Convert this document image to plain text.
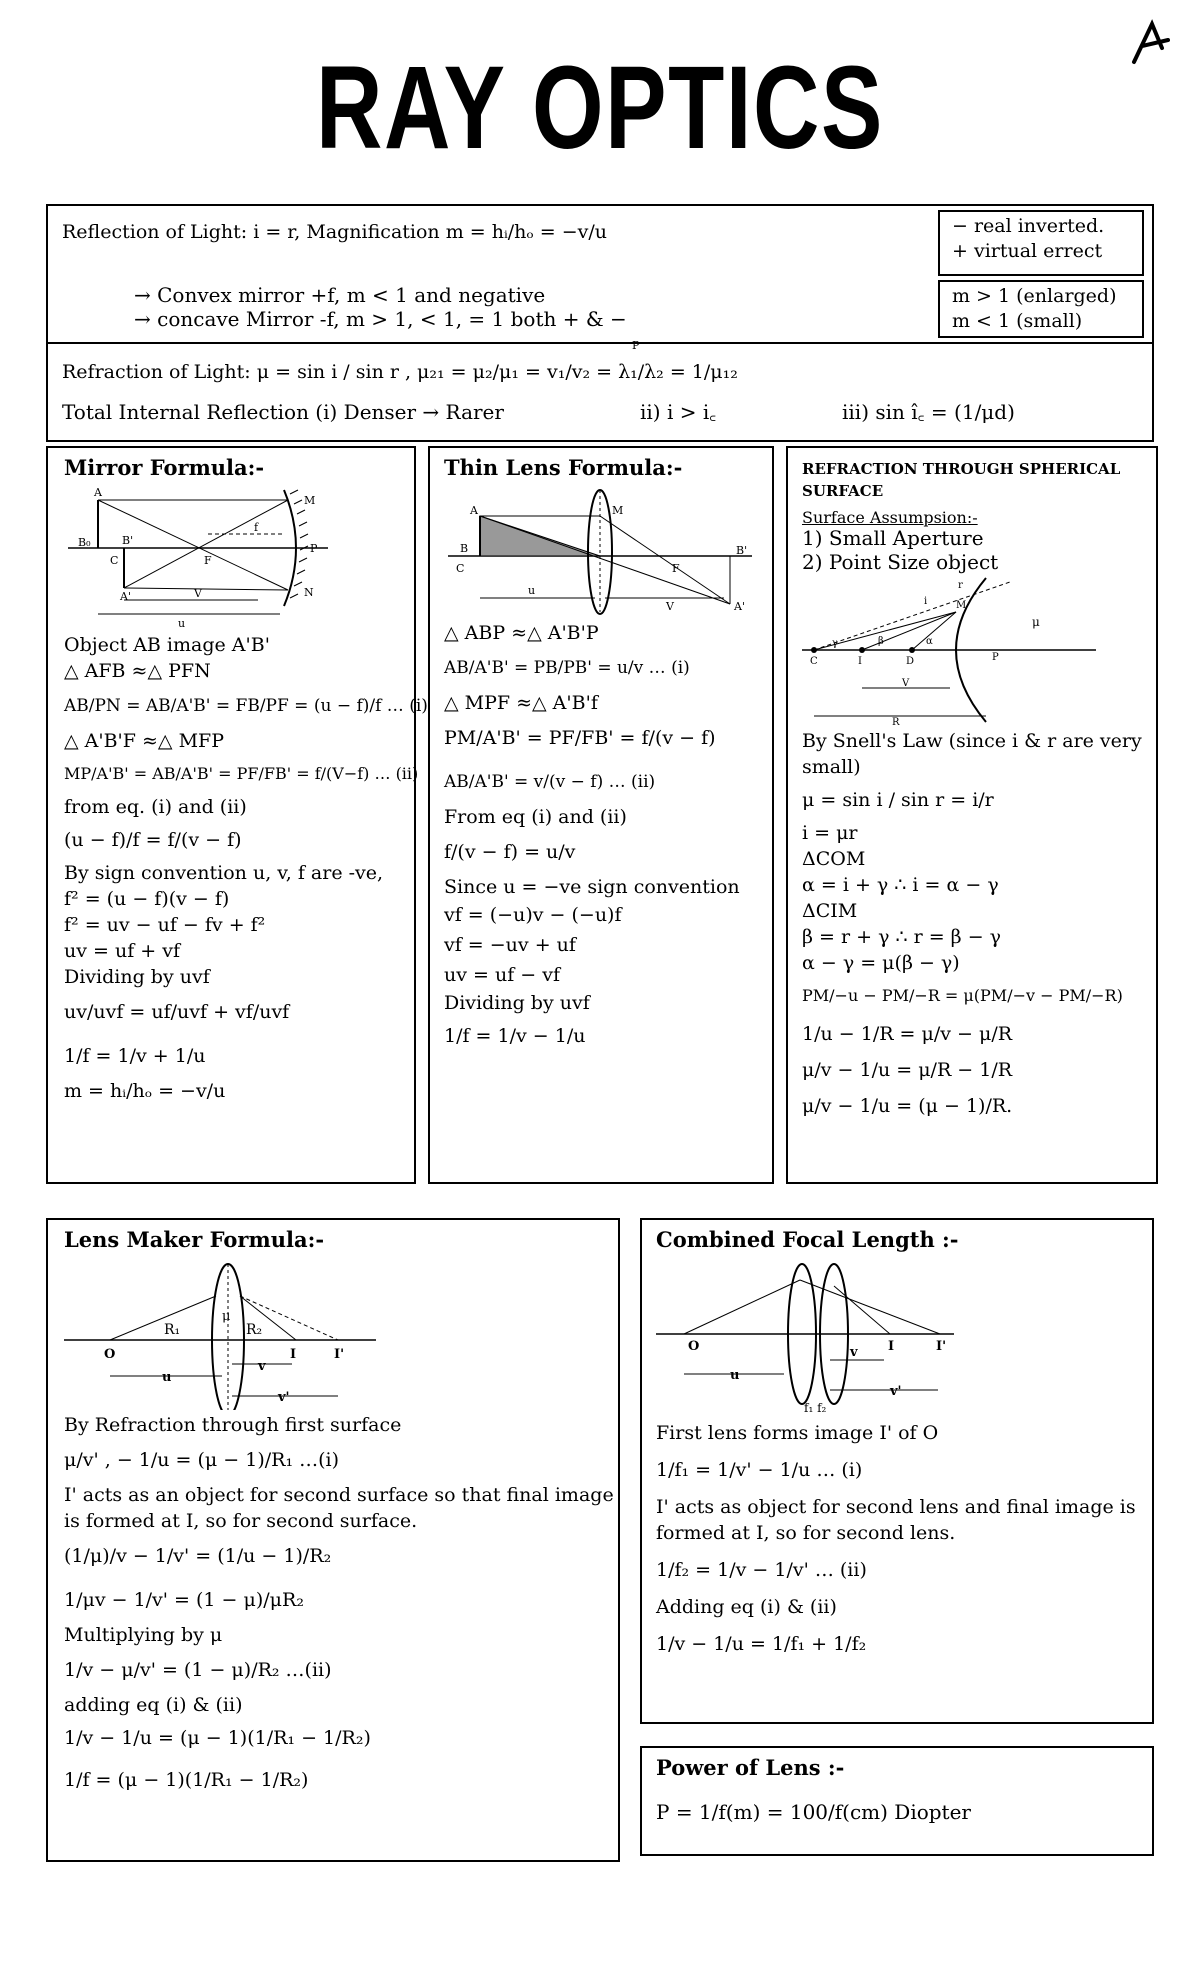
RAY OPTICS
A
Reflection of Light: i = r, Magnification m = hᵢ/hₒ = −v/u
→ Convex mirror +f, m < 1 and negative
→ concave Mirror -f, m > 1, < 1, = 1 both + & −
− real inverted.
+ virtual errect
m > 1 (enlarged)
m < 1 (small)
P
Refraction of Light: μ = sin i / sin r , μ₂₁ = μ₂/μ₁ = v₁/v₂ = λ₁/λ₂ = 1/μ₁₂
Total Internal Reflection (i) Denser → Rarer	ii) i > i꜀	iii) sin î꜀ = (1/μd)
Mirror Formula:-
A
B₀	B'
C	F
A'
M
P
N
f
V
u
Object AB image A'B'
△ AFB ≈△ PFN
AB/PN = AB/A'B' = FB/PF = (u − f)/f … (i)
△ A'B'F ≈△ MFP
MP/A'B' = AB/A'B' = PF/FB' = f/(V−f) … (ii)
from eq. (i) and (ii)
(u − f)/f = f/(v − f)
By sign convention u, v, f are -ve,
f² = (u − f)(v − f)
f² = uv − uf − fv + f²
uv = uf + vf
Dividing by uvf
uv/uvf = uf/uvf + vf/uvf
1/f = 1/v + 1/u
m = hᵢ/hₒ = −v/u
Thin Lens Formula:-
A
B
C
M
F
B'
A'
u
V
△ ABP ≈△ A'B'P
AB/A'B' = PB/PB' = u/v … (i)
△ MPF ≈△ A'B'f
PM/A'B' = PF/FB' = f/(v − f)
AB/A'B' = v/(v − f) … (ii)
From eq (i) and (ii)
f/(v − f) = u/v
Since u = −ve sign convention
vf = (−u)v − (−u)f
vf = −uv + uf
uv = uf − vf
Dividing by uvf
1/f = 1/v − 1/u
REFRACTION THROUGH SPHERICAL
SURFACE
Surface Assumpsion:-
1) Small Aperture
2) Point Size object
C	I	D	P
M
r
i
μ
β	α
γ
V
R
By Snell's Law (since i & r are very
small)
μ = sin i / sin r = i/r
i = μr
ΔCOM
α = i + γ ∴ i = α − γ
ΔCIM
β = r + γ ∴ r = β − γ
α − γ = μ(β − γ)
PM/−u − PM/−R = μ(PM/−v − PM/−R)
1/u − 1/R = μ/v − μ/R
μ/v − 1/u = μ/R − 1/R
μ/v − 1/u = (μ − 1)/R.
Lens Maker Formula:-
O
R₁	R₂
μ
I	I'
u
v
v'
By Refraction through first surface
μ/v' , − 1/u = (μ − 1)/R₁ …(i)
I' acts as an object for second surface so that final image
is formed at I, so for second surface.
(1/μ)/v − 1/v' = (1/u − 1)/R₂
1/μv − 1/v' = (1 − μ)/μR₂
Multiplying by μ
1/v − μ/v' = (1 − μ)/R₂ …(ii)
adding eq (i) & (ii)
1/v − 1/u = (μ − 1)(1/R₁ − 1/R₂)
1/f = (μ − 1)(1/R₁ − 1/R₂)
Combined Focal Length :-
O	I	I'
u
v
v'
f₁ f₂
First lens forms image I' of O
1/f₁ = 1/v' − 1/u … (i)
I' acts as object for second lens and final image is
formed at I, so for second lens.
1/f₂ = 1/v − 1/v' … (ii)
Adding eq (i) & (ii)
1/v − 1/u = 1/f₁ + 1/f₂
Power of Lens :-
P = 1/f(m) = 100/f(cm) Diopter
